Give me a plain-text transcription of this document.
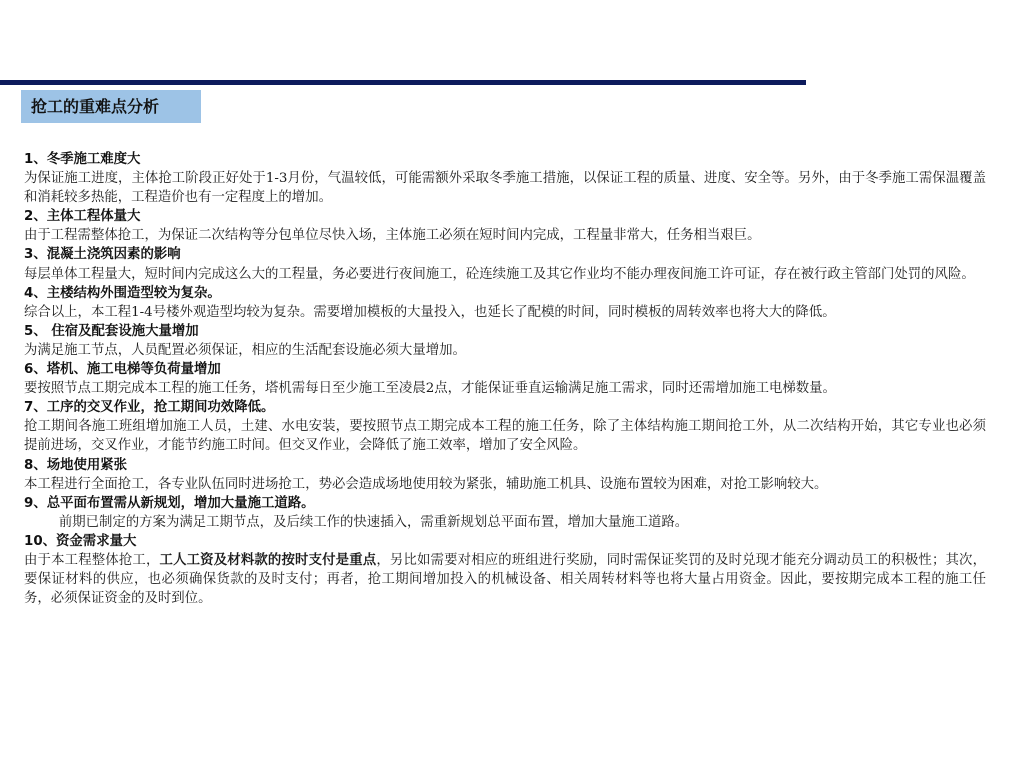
抢工的重难点分析

1、冬季施工难度大

为保证施工进度，主体抢工阶段正好处于1-3月份，气温较低，可能需额外采取冬季施工措施，以保证工程的质量、进度、安全等。另外，由于冬季施工需保温覆盖和消耗较多热能，工程造价也有一定程度上的增加。

2、主体工程体量大

由于工程需整体抢工，为保证二次结构等分包单位尽快入场，主体施工必须在短时间内完成，工程量非常大，任务相当艰巨。

3、混凝土浇筑因素的影响

每层单体工程量大，短时间内完成这么大的工程量，务必要进行夜间施工，砼连续施工及其它作业均不能办理夜间施工许可证，存在被行政主管部门处罚的风险。

4、主楼结构外围造型较为复杂。

综合以上，本工程1-4号楼外观造型均较为复杂。需要增加模板的大量投入，也延长了配模的时间，同时模板的周转效率也将大大的降低。

5、 住宿及配套设施大量增加

为满足施工节点，人员配置必须保证，相应的生活配套设施必须大量增加。

6、塔机、施工电梯等负荷量增加

要按照节点工期完成本工程的施工任务，塔机需每日至少施工至凌晨2点，才能保证垂直运输满足施工需求，同时还需增加施工电梯数量。

7、工序的交叉作业，抢工期间功效降低。

抢工期间各施工班组增加施工人员，土建、水电安装，要按照节点工期完成本工程的施工任务，除了主体结构施工期间抢工外，从二次结构开始，其它专业也必须提前进场，交叉作业，才能节约施工时间。但交叉作业，会降低了施工效率，增加了安全风险。

8、场地使用紧张

本工程进行全面抢工，各专业队伍同时进场抢工，势必会造成场地使用较为紧张，辅助施工机具、设施布置较为困难，对抢工影响较大。

9、总平面布置需从新规划，增加大量施工道路。

前期已制定的方案为满足工期节点，及后续工作的快速插入，需重新规划总平面布置，增加大量施工道路。

10、资金需求量大

由于本工程整体抢工，工人工资及材料款的按时支付是重点，另比如需要对相应的班组进行奖励，同时需保证奖罚的及时兑现才能充分调动员工的积极性；其次，要保证材料的供应，也必须确保货款的及时支付；再者，抢工期间增加投入的机械设备、相关周转材料等也将大量占用资金。因此，要按期完成本工程的施工任务，必须保证资金的及时到位。
